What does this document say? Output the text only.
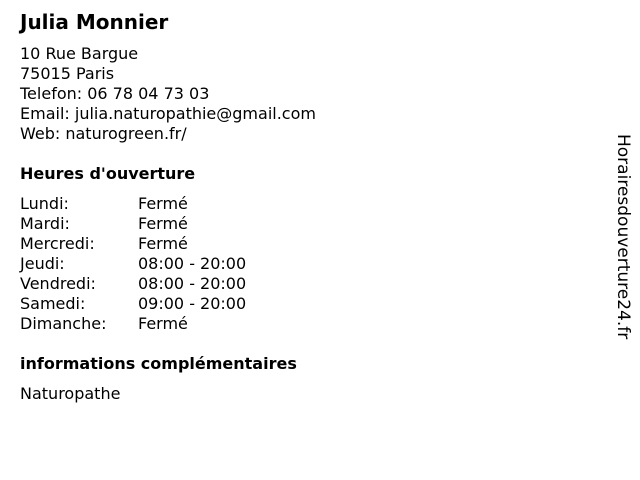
Julia Monnier
10 Rue Bargue
75015 Paris
Telefon: 06 78 04 73 03
Email: julia.naturopathie@gmail.com
Web: naturogreen.fr/
Heures d'ouverture
Lundi:	Fermé
Mardi:	Fermé
Mercredi:	Fermé
Jeudi:	08:00 - 20:00
Vendredi:	08:00 - 20:00
Samedi:	09:00 - 20:00
Dimanche: Fermé
informations complémentaires
Naturopathe
Horairesdouverture24.fr
